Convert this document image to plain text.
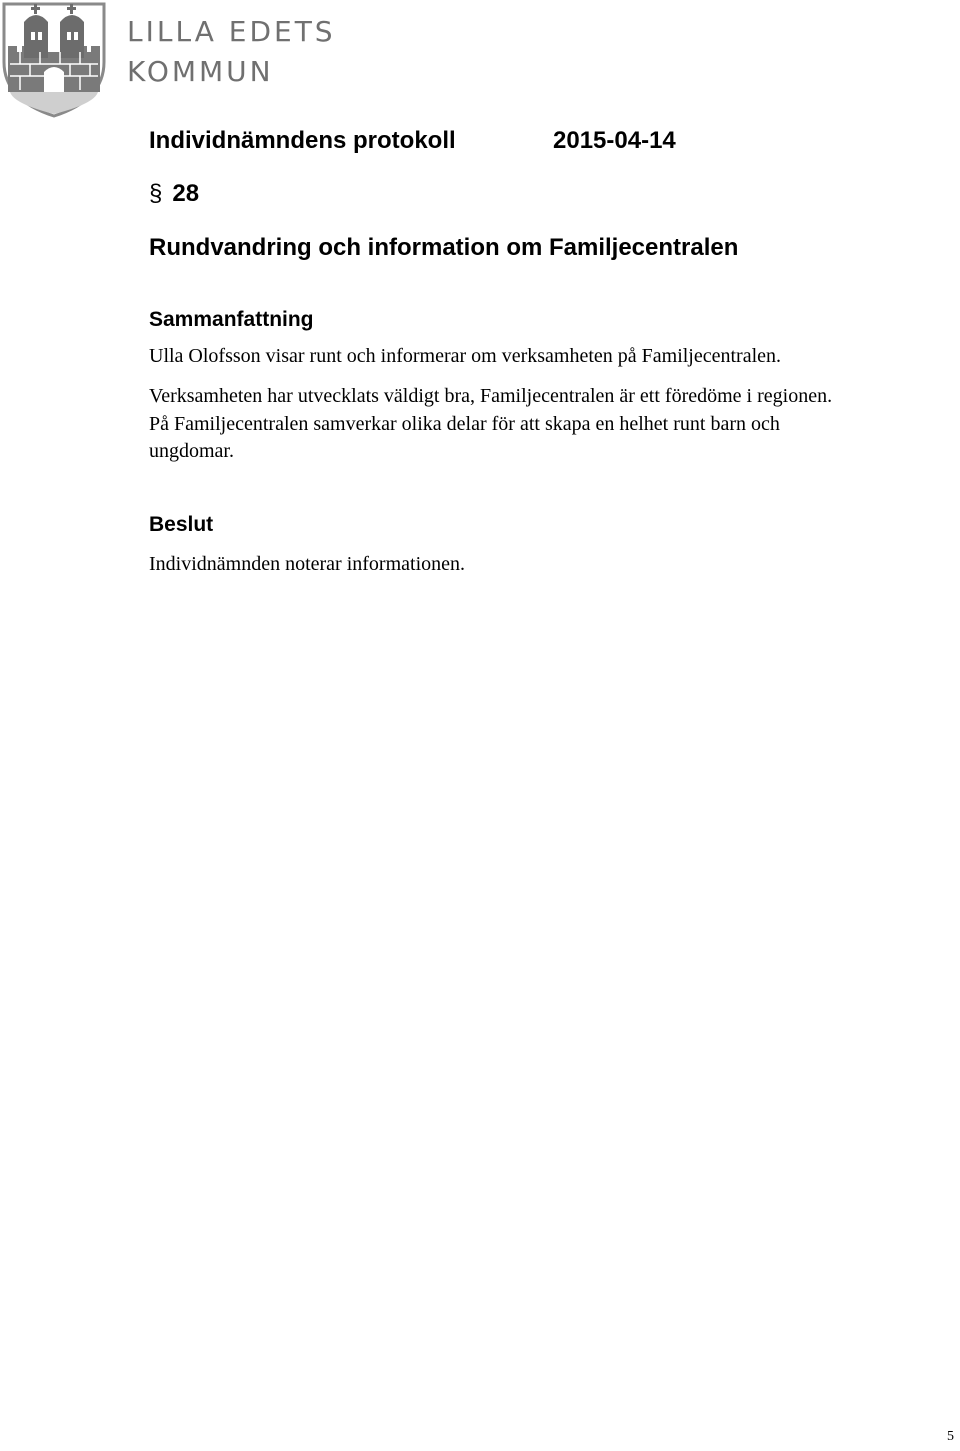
LILLA EDETS
KOMMUN
Individnämndens protokoll	2015-04-14
§ 28
Rundvandring och information om Familjecentralen
Sammanfattning
Ulla Olofsson visar runt och informerar om verksamheten på Familjecentralen.
Verksamheten har utvecklats väldigt bra, Familjecentralen är ett föredöme i regionen.
På Familjecentralen samverkar olika delar för att skapa en helhet runt barn och
ungdomar.
Beslut
Individnämnden noterar informationen.
5
